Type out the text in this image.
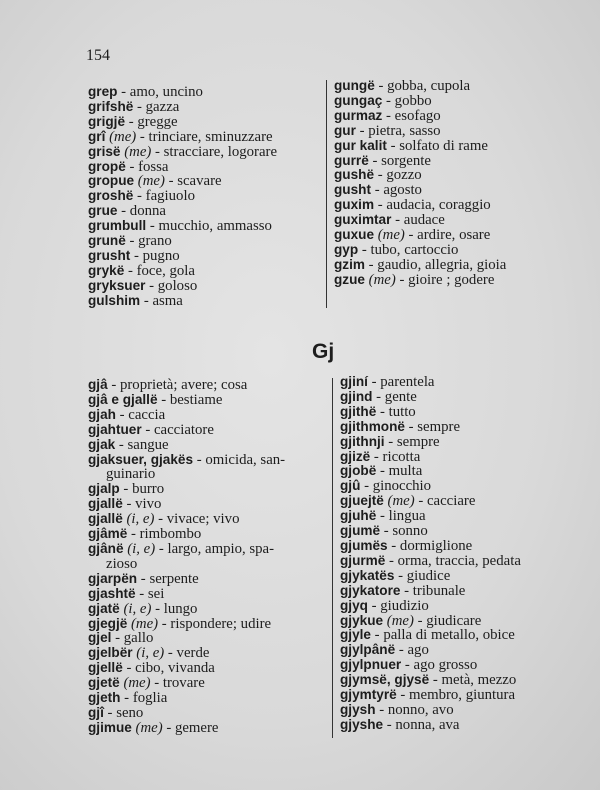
154
grep - amo, uncino
grifshë - gazza
grigjë - gregge
grî (me) - trinciare, sminuzzare
grisë (me) - stracciare, logorare
gropë - fossa
gropue (me) - scavare
groshë - fagiuolo
grue - donna
grumbull - mucchio, ammasso
grunë - grano
grusht - pugno
grykë - foce, gola
gryksuer - goloso
gulshim - asma
gungë - gobba, cupola
gungaç - gobbo
gurmaz - esofago
gur - pietra, sasso
gur kalit - solfato di rame
gurrë - sorgente
gushë - gozzo
gusht - agosto
guxim - audacia, coraggio
guximtar - audace
guxue (me) - ardire, osare
gyp - tubo, cartoccio
gzim - gaudio, allegria, gioia
gzue (me) - gioire ; godere
Gj
gjâ - proprietà; avere; cosa
gjâ e gjallë - bestiame
gjah - caccia
gjahtuer - cacciatore
gjak - sangue
gjaksuer, gjakës - omicida, san-
guinario
gjalp - burro
gjallë - vivo
gjallë (i, e) - vivace; vivo
gjâmë - rimbombo
gjânë (i, e) - largo, ampio, spa-
zioso
gjarpën - serpente
gjashtë - sei
gjatë (i, e) - lungo
gjegjë (me) - rispondere; udire
gjel - gallo
gjelbër (i, e) - verde
gjellë - cibo, vivanda
gjetë (me) - trovare
gjeth - foglia
gjî - seno
gjimue (me) - gemere
gjiní - parentela
gjind - gente
gjithë - tutto
gjithmonë - sempre
gjithnji - sempre
gjizë - ricotta
gjobë - multa
gjû - ginocchio
gjuejtë (me) - cacciare
gjuhë - lingua
gjumë - sonno
gjumës - dormiglione
gjurmë - orma, traccia, pedata
gjykatës - giudice
gjykatore - tribunale
gjyq - giudizio
gjykue (me) - giudicare
gjyle - palla di metallo, obice
gjylpânë - ago
gjylpnuer - ago grosso
gjymsë, gjysë - metà, mezzo
gjymtyrë - membro, giuntura
gjysh - nonno, avo
gjyshe - nonna, ava
